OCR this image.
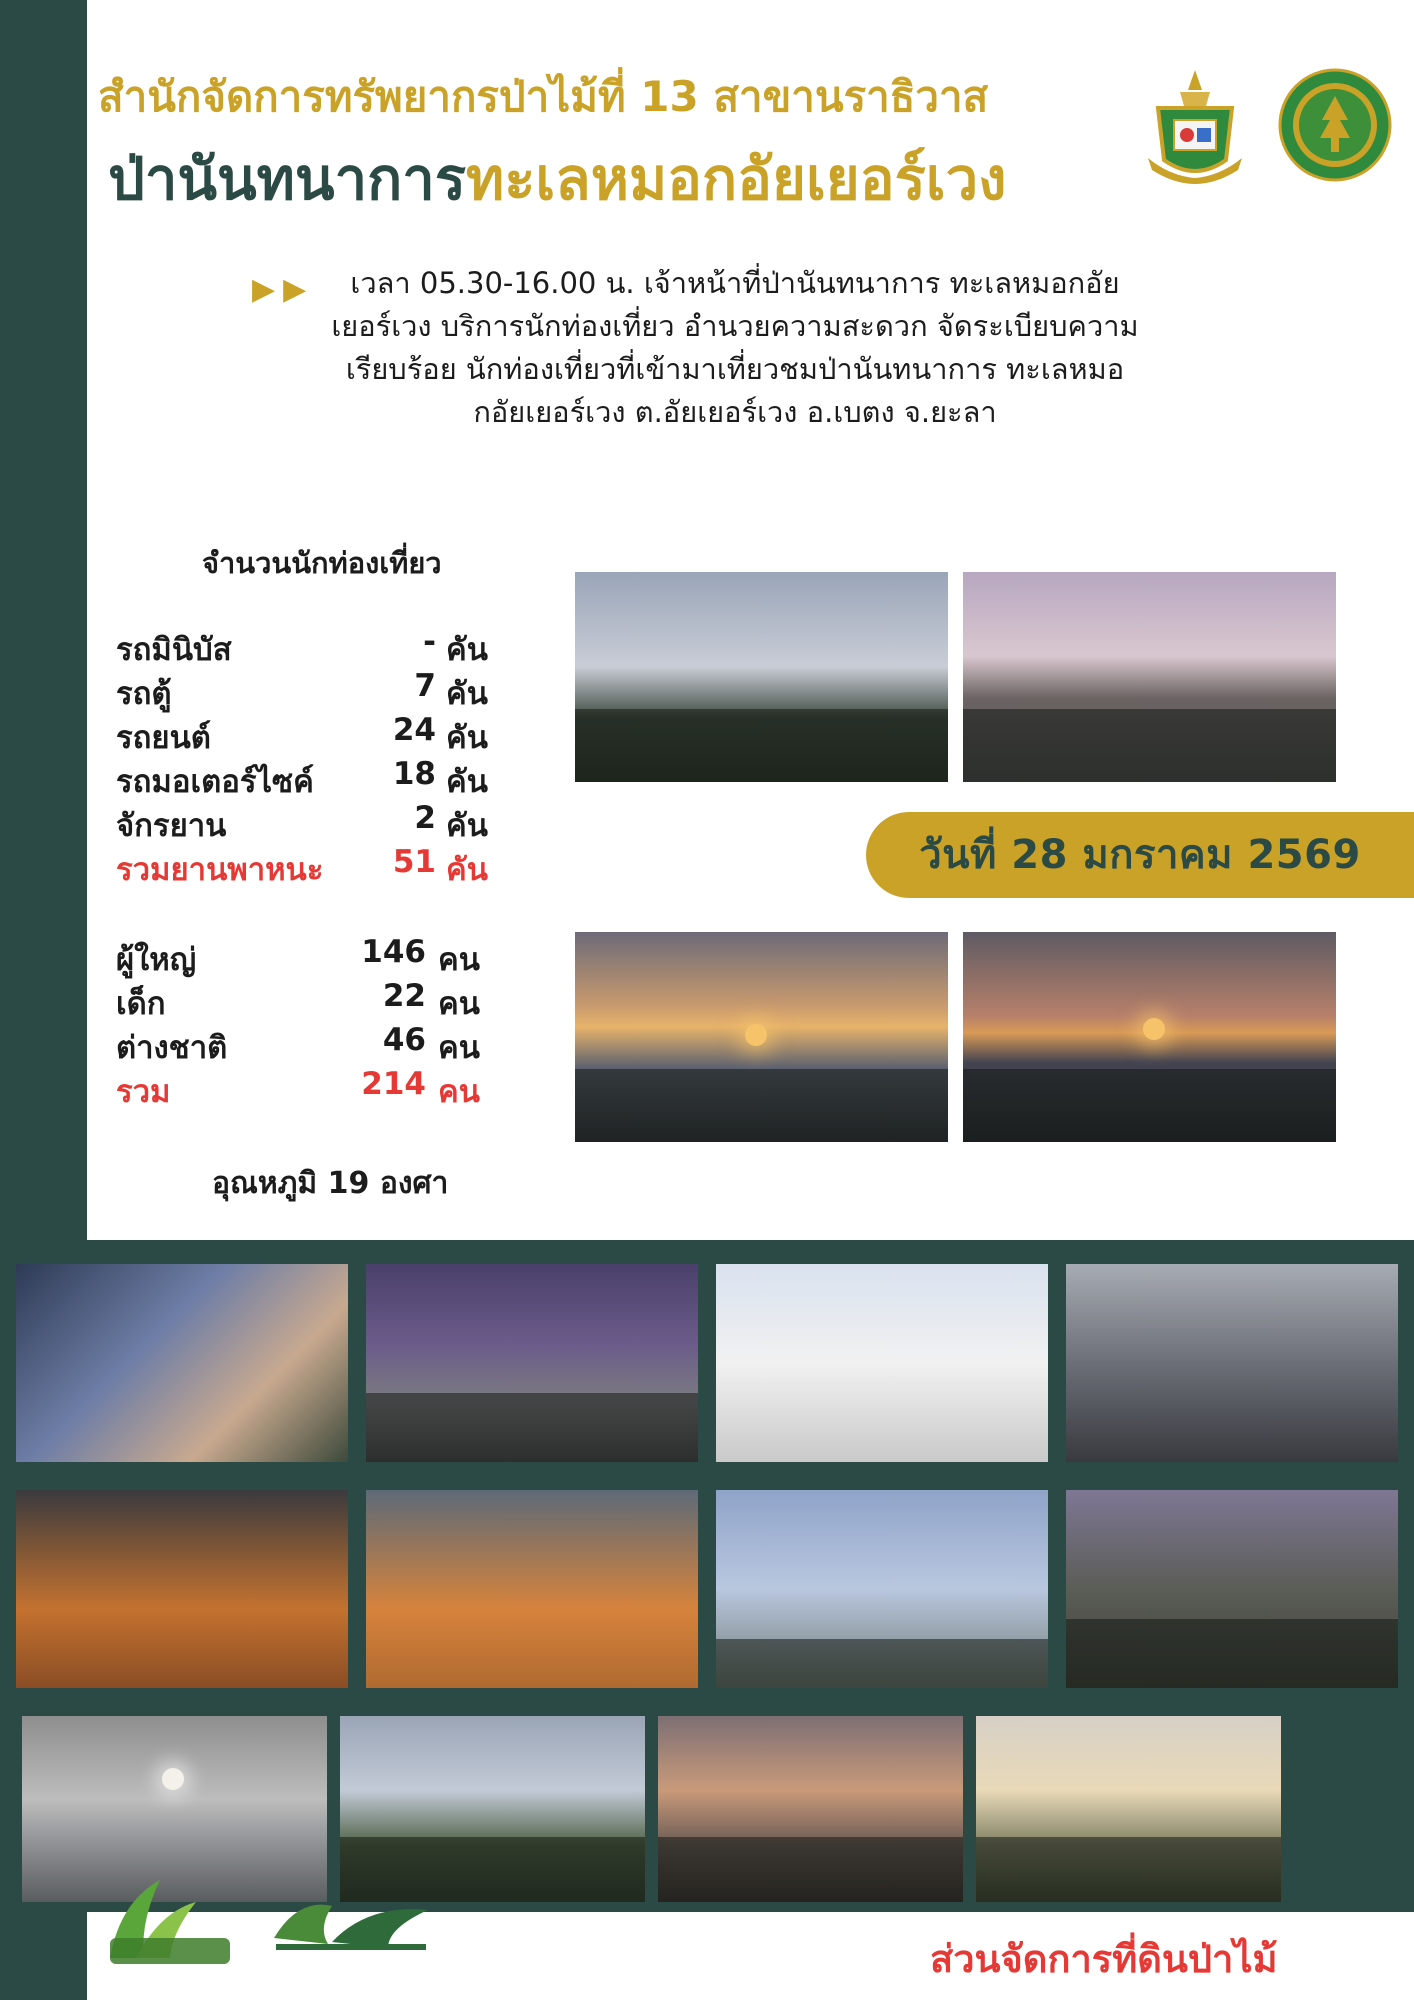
สำนักจัดการทรัพยากรป่าไม้ที่ 13 สาขานราธิวาส
ป่านันทนาการทะเลหมอกอัยเยอร์เวง
▶▶	เวลา 05.30-16.00 น. เจ้าหน้าที่ป่านันทนาการ ทะเลหมอกอัยเยอร์เวง บริการนักท่องเที่ยว อำนวยความสะดวก จัดระเบียบความเรียบร้อย นักท่องเที่ยวที่เข้ามาเที่ยวชมป่านันทนาการ ทะเลหมอกอัยเยอร์เวง ต.อัยเยอร์เวง อ.เบตง จ.ยะลา
จำนวนนักท่องเที่ยว
รถมินิบัส	- คัน
รถตู้	7 คัน
รถยนต์	24 คัน
รถมอเตอร์ไซค์	18 คัน
จักรยาน	2 คัน
รวมยานพาหนะ 51 คัน
ผู้ใหญ่	146 คน
เด็ก	22 คน
ต่างชาติ	46 คน
รวม	214 คน
อุณหภูมิ 19 องศา
วันที่ 28 มกราคม 2569
ส่วนจัดการที่ดินป่าไม้
